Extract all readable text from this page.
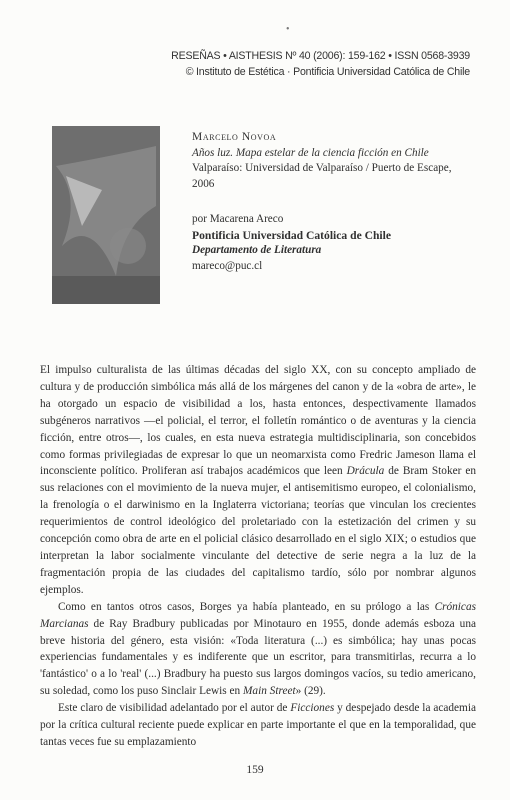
•
RESEÑAS • AISTHESIS Nº 40 (2006): 159-162 • ISSN 0568-3939
© Instituto de Estética · Pontificia Universidad Católica de Chile
Marcelo Novoa
Años luz. Mapa estelar de la ciencia ficción en Chile
Valparaíso: Universidad de Valparaíso / Puerto de Escape, 2006
por Macarena Areco
Pontificia Universidad Católica de Chile
Departamento de Literatura
mareco@puc.cl

El impulso culturalista de las últimas décadas del siglo XX, con su concepto ampliado de cultura y de producción simbólica más allá de los márgenes del canon y de la «obra de arte», le ha otorgado un espacio de visibilidad a los, hasta entonces, despectivamente llamados subgéneros narrativos —el policial, el terror, el folletín romántico o de aventuras y la ciencia ficción, entre otros—, los cuales, en esta nueva estrategia multidisciplinaria, son concebidos como formas privilegiadas de expresar lo que un neomarxista como Fredric Jameson llama el inconsciente político. Proliferan así trabajos académicos que leen Drácula de Bram Stoker en sus relaciones con el movimiento de la nueva mujer, el antisemitismo europeo, el colonialismo, la frenología o el darwinismo en la Inglaterra victoriana; teorías que vinculan los crecientes requerimientos de control ideológico del proletariado con la estetización del crimen y su concepción como obra de arte en el policial clásico desarrollado en el siglo XIX; o estudios que interpretan la labor socialmente vinculante del detective de serie negra a la luz de la fragmentación propia de las ciudades del capitalismo tardío, sólo por nombrar algunos ejemplos.

Como en tantos otros casos, Borges ya había planteado, en su prólogo a las Crónicas Marcianas de Ray Bradbury publicadas por Minotauro en 1955, donde además esboza una breve historia del género, esta visión: «Toda literatura (...) es simbólica; hay unas pocas experiencias fundamentales y es indiferente que un escritor, para transmitirlas, recurra a lo 'fantástico' o a lo 'real' (...) Bradbury ha puesto sus largos domingos vacíos, su tedio americano, su soledad, como los puso Sinclair Lewis en Main Street» (29).

Este claro de visibilidad adelantado por el autor de Ficciones y despejado desde la academia por la crítica cultural reciente puede explicar en parte importante el que en la temporalidad, que tantas veces fue su emplazamiento

159
